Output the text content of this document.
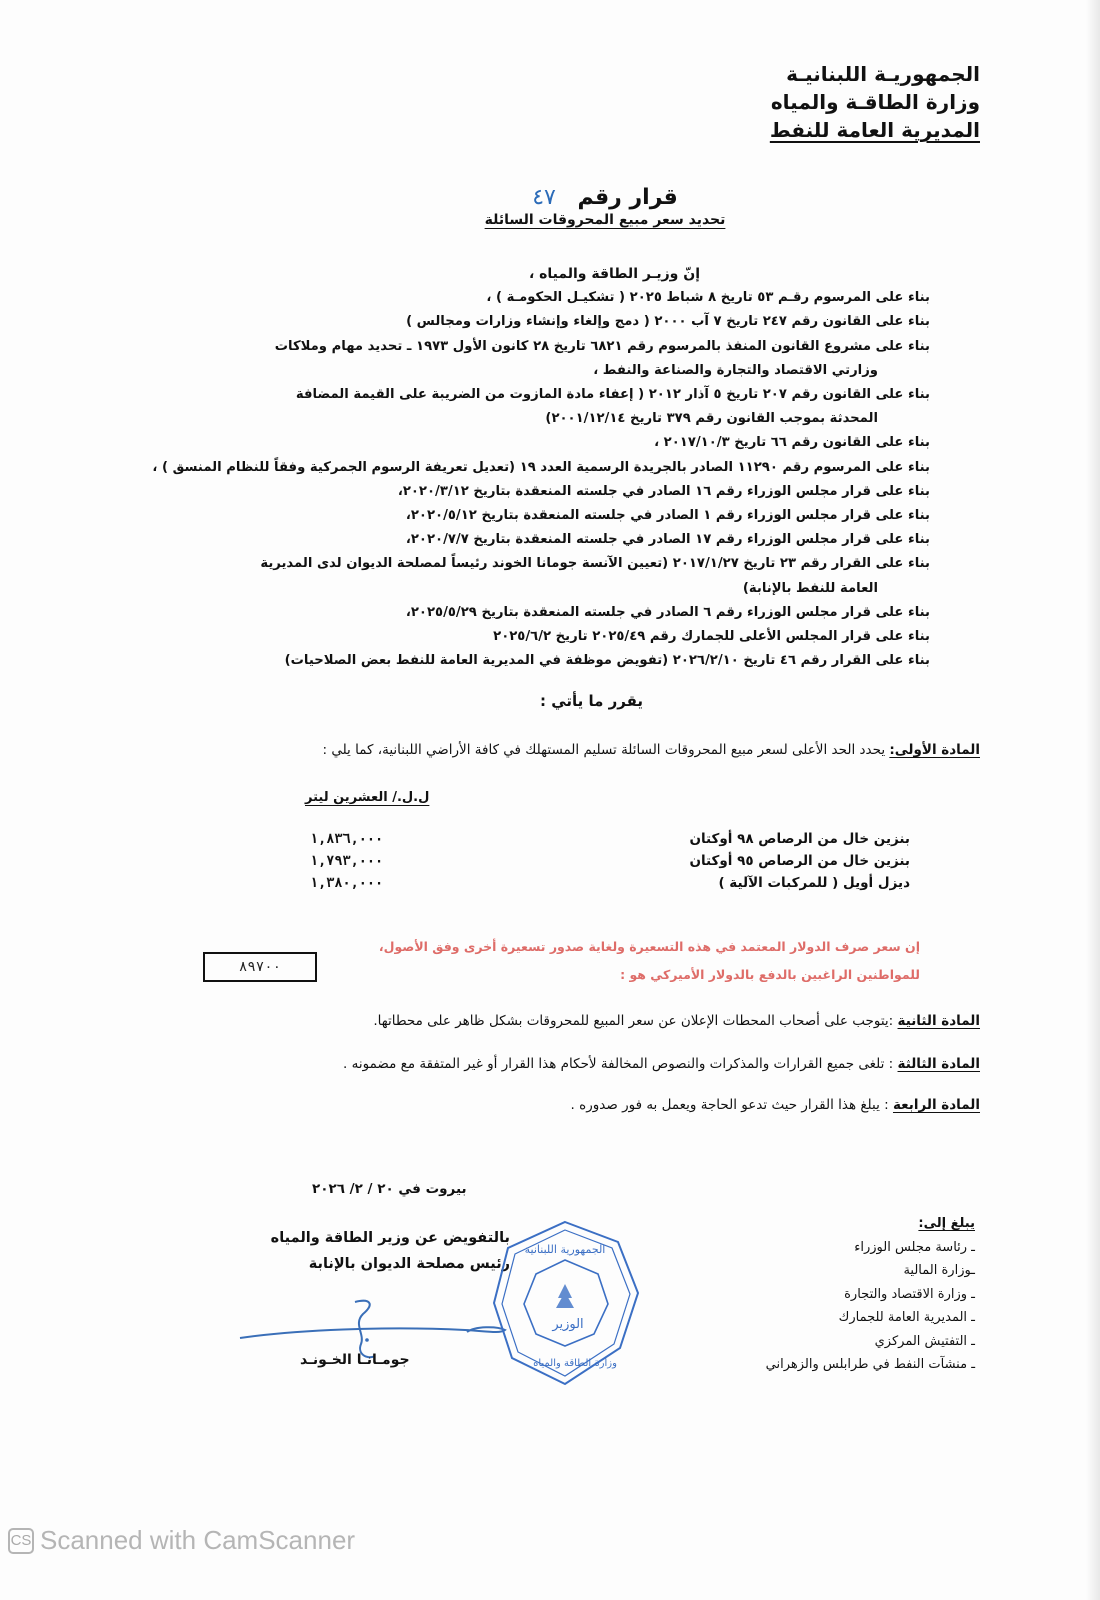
الجمهوريـة اللبنانيـة
وزارة الطاقـة والمياه
المديرية العامة للنفط
قرار رقم ٤٧
تحديد سعر مبيع المحروقات السائلة
إنّ وزيـر الطاقة والمياه ،
بناء على المرسوم رقـم ٥٣ تاريخ ٨ شباط ٢٠٢٥ ( تشكيـل الحكومـة ) ،
بناء على القانون رقم ٢٤٧ تاريخ ٧ آب ٢٠٠٠ ( دمج وإلغاء وإنشاء وزارات ومجالس )
بناء على مشروع القانون المنفذ بالمرسوم رقم ٦٨٢١ تاريخ ٢٨ كانون الأول ١٩٧٣ ـ تحديد مهام وملاكات
وزارتي الاقتصاد والتجارة والصناعة والنفط ،
بناء على القانون رقم ٢٠٧ تاريخ ٥ آذار ٢٠١٢ ( إعفاء مادة المازوت من الضريبة على القيمة المضافة
المحدثة بموجب القانون رقم ٣٧٩ تاريخ ٢٠٠١/١٢/١٤)
بناء على القانون رقم ٦٦ تاريخ ٢٠١٧/١٠/٣ ،
بناء على المرسوم رقم ١١٢٩٠ الصادر بالجريدة الرسمية العدد ١٩ (تعديل تعريفة الرسوم الجمركية وفقاً للنظام المنسق ) ،
بناء على قرار مجلس الوزراء رقم ١٦ الصادر في جلسته المنعقدة بتاريخ ٢٠٢٠/٣/١٢،
بناء على قرار مجلس الوزراء رقم ١ الصادر في جلسته المنعقدة بتاريخ ٢٠٢٠/٥/١٢،
بناء على قرار مجلس الوزراء رقم ١٧ الصادر في جلسته المنعقدة بتاريخ ٢٠٢٠/٧/٧،
بناء على القرار رقم ٢٣ تاريخ ٢٠١٧/١/٢٧ (تعيين الآنسة جومانا الخوند رئيساً لمصلحة الديوان لدى المديرية
العامة للنفط بالإنابة)
بناء على قرار مجلس الوزراء رقم ٦ الصادر في جلسته المنعقدة بتاريخ ٢٠٢٥/٥/٢٩،
بناء على قرار المجلس الأعلى للجمارك رقم ٢٠٢٥/٤٩ تاريخ ٢٠٢٥/٦/٢
بناء على القرار رقم ٤٦ تاريخ ٢٠٢٦/٢/١٠ (تفويض موظفة في المديرية العامة للنفط بعض الصلاحيات)
يقرر ما يأتي :
المادة الأولى: يحدد الحد الأعلى لسعر مبيع المحروقات السائلة تسليم المستهلك في كافة الأراضي اللبنانية، كما يلي :
ل.ل./ العشرين ليتر
١,٨٣٦,٠٠٠	بنزين خال من الرصاص ٩٨ أوكتان
١,٧٩٣,٠٠٠	بنزين خال من الرصاص ٩٥ أوكتان
١,٣٨٠,٠٠٠	ديزل أويل ( للمركبات الآلية )
إن سعر صرف الدولار المعتمد في هذه التسعيرة ولغاية صدور تسعيرة أخرى وفق الأصول،
للمواطنين الراغبين بالدفع بالدولار الأميركي هو :
٨٩٧٠٠
المادة الثانية :يتوجب على أصحاب المحطات الإعلان عن سعر المبيع للمحروقات بشكل ظاهر على محطاتها.
المادة الثالثة : تلغى جميع القرارات والمذكرات والنصوص المخالفة لأحكام هذا القرار أو غير المتفقة مع مضمونه .
المادة الرابعة : يبلغ هذا القرار حيث تدعو الحاجة ويعمل به فور صدوره .
بيروت في ٢٠ / ٢/ ٢٠٢٦
بالتفويض عن وزير الطاقة والمياه
رئيس مصلحة الديوان بالإنابة
جومـانـا الخـونـد
الجمهورية اللبنانية
الوزير
وزارة الطاقة والمياه
يبلغ إلى:
ـ رئاسة مجلس الوزراء
ـوزارة المالية
ـ وزارة الاقتصاد والتجارة
ـ المديرية العامة للجمارك
ـ التفتيش المركزي
ـ منشآت النفط في طرابلس والزهراني
CS Scanned with CamScanner
